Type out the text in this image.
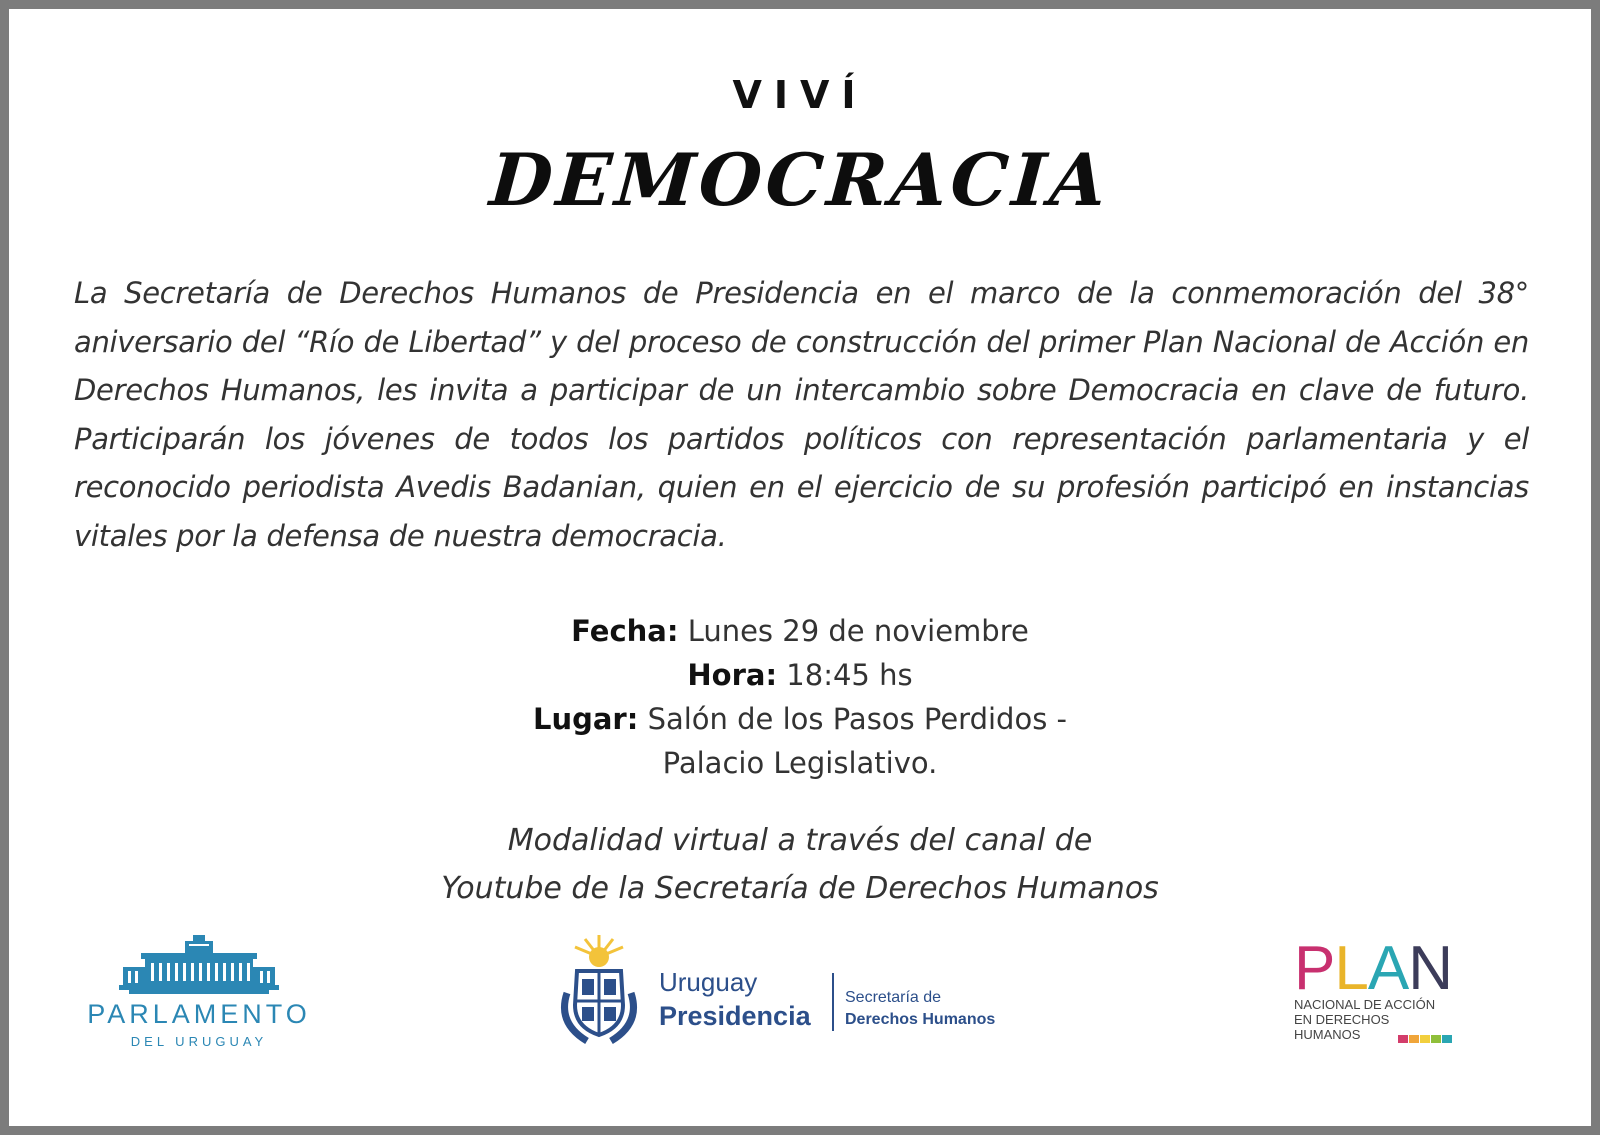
VIVÍ
DEMOCRACIA

La Secretaría de Derechos Humanos de Presidencia en el marco de la conmemoración del 38° aniversario del “Río de Libertad” y del proceso de construcción del primer Plan Nacional de Acción en Derechos Humanos, les invita a participar de un intercambio sobre Democracia en clave de futuro. Participarán los jóvenes de todos los partidos políticos con representación parlamentaria y el reconocido periodista Avedis Badanian, quien en el ejercicio de su profesión participó en instancias vitales por la defensa de nuestra democracia.

Fecha: Lunes 29 de noviembre
Hora: 18:45 hs
Lugar: Salón de los Pasos Perdidos -
Palacio Legislativo.
Modalidad virtual a través del canal de
Youtube de la Secretaría de Derechos Humanos
PARLAMENTO
DEL URUGUAY
Uruguay
Presidencia
Secretaría de
Derechos Humanos
PLAN
NACIONAL DE ACCIÓN
EN DERECHOS
HUMANOS
